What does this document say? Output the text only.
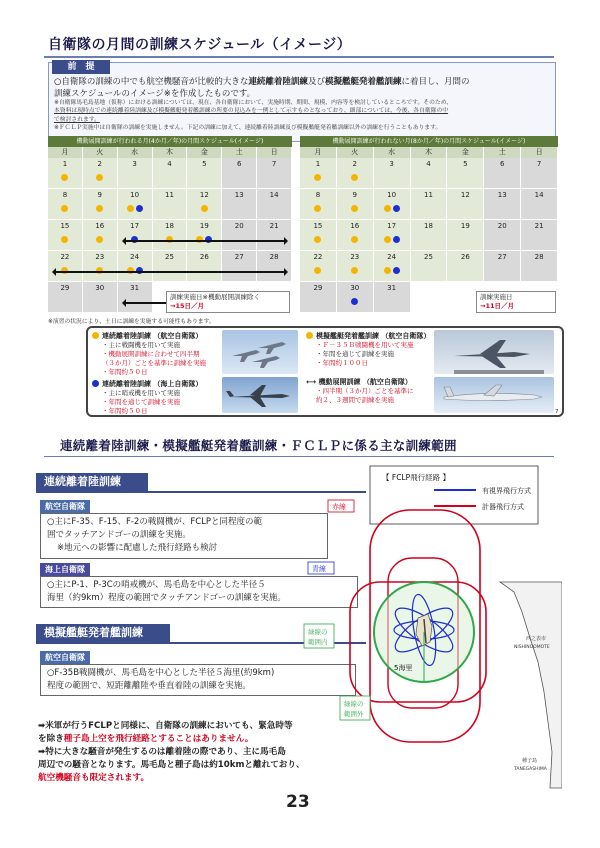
自衛隊の月間の訓練スケジュール（イメージ）
前　提
○自衛隊の訓練の中でも航空機騒音が比較的大きな連続離着陸訓練及び模擬艦艇発着艦訓練に着目し、月間の
訓練スケジュールのイメージ※を作成したものです。
※自衛隊馬毛島基地（仮称）における訓練については、現在、各自衛隊において、実施時期、期間、規模、内容等を検討しているところです。そのため、
本資料は現時点での連続離着陸訓練及び模擬艦艇発着艦訓練の所要の見込みを一例として示すものとなっており、細部については、今後、各自衛隊の中
で検討されます。
※ＦＣＬＰ実施中は自衛隊の訓練を実施しません。下記の訓練に加えて、連続離着陸訓練及び模擬艦艇発着艦訓練以外の訓練を行うこともあります。
機動展開訓練が行われる月(4か月／年)の月間スケジュール(イメージ)
月	火	水	木	金	土	日
1	2	3	4	5	6	7
8	9	10	11	12	13	14
15	16	17	18	19	20	21
22	23	24	25	26	27	28
29	30	31
機動展開訓練が行われない月(8か月／年)の月間スケジュール(イメージ)
月	火	水	木	金	土	日
1	2	3	4	5	6	7
8	9	10	11	12	13	14
15	16	17	18	19	20	21
22	23	24	25	26	27	28
29	30	31
訓練実施日※機動展開訓練除く
→15日／月
訓練実施日
→11日／月
※演習の状況により、土日に訓練を実施する可能性もあります。
連続離着陸訓練 （航空自衛隊）
・主に戦闘機を用いて実施
・機動展開訓練に合わせて四半期
（３か月）ごとを基準に訓練を実施
・年間約５０日
連続離着陸訓練 （海上自衛隊）
・主に哨戒機を用いて実施
・年間を通じて訓練を実施
・年間約５０日
模擬艦艇発着艦訓練 （航空自衛隊）
・Ｆ－３５Ｂ戦闘機を用いて実施
・年間を通じて訓練を実施
・年間約１００日
⟷ 機動展開訓練 （航空自衛隊）
・四半期（３か月）ごとを基準に
約２、３週間で訓練を実施
7
連続離着陸訓練・模擬艦艇発着艦訓練・ＦＣＬＰに係る主な訓練範囲
連続離着陸訓練
航空自衛隊
○主にF-35、F-15、F-2の戦闘機が、FCLPと同程度の範
囲でタッチアンドゴーの訓練を実施。
※地元への影響に配慮した飛行経路も検討
海上自衛隊
○主にP-1、P-3Cの哨戒機が、馬毛島を中心とした半径５
海里（約9km）程度の範囲でタッチアンドゴーの訓練を実施。
模擬艦艇発着艦訓練
航空自衛隊
○F-35B戦闘機が、馬毛島を中心とした半径５海里(約9km)
程度の範囲で、短距離離陸や垂直着陸の訓練を実施。
➡米軍が行うFCLPと同様に、自衛隊の訓練においても、緊急時等
を除き種子島上空を飛行経路とすることはありません。
➡特に大きな騒音が発生するのは離着陸の際であり、主に馬毛島
周辺での騒音となります。馬毛島と種子島は約10kmと離れており、
航空機騒音も限定されます。
【 FCLP飛行経路 】
有視界飛行方式
計器飛行方式
西之表市
NISHINOOMOTE
種子島
TANEGASHIMA
5海里
赤線
青線
緑線の
範囲内
緑線の
範囲外
23
